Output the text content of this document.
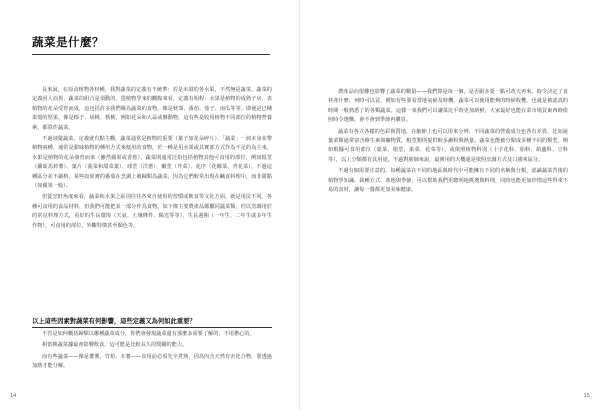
蔬菜是什麼？

長來說，在原食植物各材種，我對蔬菜的定義有不統準：若是未證的各水果，不然無是蔬菜，蔬菜的定義因人而異，蔬菜的組合是須動的。從植物學來的觀點來看，定義有相程：水果是植物的成熟子房，表植物的花朵受育而成，這包括許多我們稱為蔬菜的食物，像是秋葵、番茄、茄子、南瓜等等。即使是已種果殼的堅果，像是榛子、胡桃、核桃，例如花朵和大蒜或盤動物，這有些是收用植物不同部位的植物營養素，都算作蔬菜。

不過詞彙蔬菜，定義就有點主觀，蔬菜通常是植物的重要（葉子如花朵碎片），「蔬菜」一詞本身並帶植物兩種，通常是甜味植物的種用方式來便用的食物，於一種是用水果或其實部方式作為不足的為主來，水果是植物的花朵發育而來（雖然蘋果或香蕉），蔬菜則通常泛指包括植物其他可食用的部位，例如根莖（蘿蔔馬鈴薯）、葉片（菠菜和甜菜葉）、球莖（洋蔥）、嫩莖（芹菜）、花序（花椰菜、青花菜），不過這種區分並不嚴格，某些如果實的番茄在烹調上被歸類為蔬菜，因為它們較常出現在鹹食料理中，而非甜點（如蘋果一般）。

但從烹飪角度來看，蔬菜和水果之區別往往各來自使用的習慣或飲食等文化方面，就是用法不同，各種可食用的食品材料，但我們可能把某一部分作為食物。如下像主要農產品都屬同蔬菜類，但以烹調用於的常見料理方式，看好的生長環境（天氣、土壤條件、陽光等等），生長週期（一年生、二年生或多年生作物），可食用的部位、外觀特徵甚至顏色等。

以上這些因素對蔬菜有何影響，這些定義又為何如此重要？

不管是如何概括歸類以哪種蔬菜成分，你們會發現蔬菜還有那麼多需要了解的，不用擔心的。

相當換蔬菜據最會影響飲食，這可能是比較長久的獎勵的能力。

而有些蔬菜——像是蕃薯、竹筍、木薯——食用前必須先全煮熟，因為內含天然有害化合物，要透過加熱才能分解。

14

農產品向很難也影響了蔬菜的數量——我們算是每一個，是否跟多要一點可改天再來。時令決定了食材產什麼，何時可以買，例如有些要看當地氣候及時機，蔬菜可以使用能夠的時候收穫，也就是被認真的時間一般熟悉了的各類蔬菜，這樣一來我們可以讓菜比平時更加新鮮，大家最好也能在菜市場買東西時依照時令選購，會不會到季節再購買。

蔬菜有各式各樣的色彩與質地，在細節上也可以用來分辨，不同蔬菜的營養成分也各有差異，比如說葉菜類通常富含維生素與礦物質，根莖類則提供較多澱粉與熱量。蔬菜也能被分類成多種不同的類型，例如根據可食用部位（葉菜、根莖、果菜、花菜等），或依照植物科別（十字花科、茄科、葫蘆科、豆科等），以上分類都有其用途，不過對廚師來說，最實用的大概還是依照烹調方式及口感來區分。

不過有個需要注意的，每種蔬菜在不同的地區與時代中可能擁有不同的名稱與分類，認識蔬菜背後的植物學知識、栽種方式、產地與季節，可以幫助我們更聰明地挑選與料理，同時也能更加珍惜這些得來不易的食材，讓每一餐都更加美味健康。

15
